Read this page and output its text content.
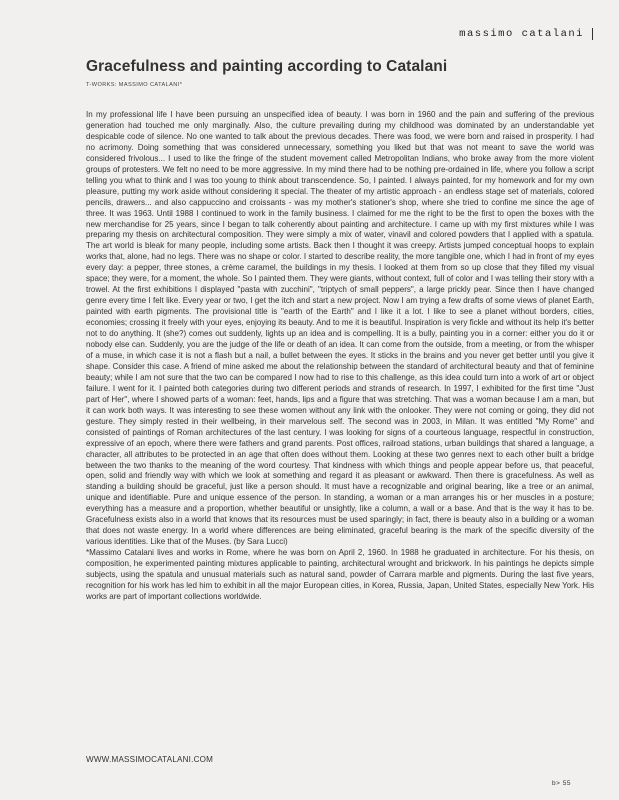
massimo catalani
Gracefulness and painting according to Catalani
T-WORKS: MASSIMO CATALANI*
In my professional life I have been pursuing an unspecified idea of beauty. I was born in 1960 and the pain and suffering of the previous generation had touched me only marginally. Also, the culture prevailing during my childhood was dominated by an understandable yet despicable code of silence. No one wanted to talk about the previous decades. There was food, we were born and raised in prosperity. I had no acrimony. Doing something that was considered unnecessary, something you liked but that was not meant to save the world was considered frivolous... I used to like the fringe of the student movement called Metropolitan Indians, who broke away from the more violent groups of protesters. We felt no need to be more aggressive. In my mind there had to be nothing pre-ordained in life, where you follow a script telling you what to think and I was too young to think about transcendence. So, I painted. I always painted, for my homework and for my own pleasure, putting my work aside without considering it special. The theater of my artistic approach - an endless stage set of materials, colored pencils, drawers... and also cappuccino and croissants - was my mother's stationer's shop, where she tried to confine me since the age of three. It was 1963. Until 1988 I continued to work in the family business. I claimed for me the right to be the first to open the boxes with the new merchandise for 25 years, since I began to talk coherently about painting and architecture. I came up with my first mixtures while I was preparing my thesis on architectural composition. They were simply a mix of water, vinavil and colored powders that I applied with a spatula. The art world is bleak for many people, including some artists. Back then I thought it was creepy. Artists jumped conceptual hoops to explain works that, alone, had no legs. There was no shape or color. I started to describe reality, the more tangible one, which I had in front of my eyes every day: a pepper, three stones, a crème caramel, the buildings in my thesis. I looked at them from so up close that they filled my visual space; they were, for a moment, the whole. So I painted them. They were giants, without context, full of color and I was telling their story with a trowel. At the first exhibitions I displayed "pasta with zucchini", "triptych of small peppers", a large prickly pear. Since then I have changed genre every time I felt like. Every year or two, I get the itch and start a new project. Now I am trying a few drafts of some views of planet Earth, painted with earth pigments. The provisional title is "earth of the Earth" and I like it a lot. I like to see a planet without borders, cities, economies; crossing it freely with your eyes, enjoying its beauty. And to me it is beautiful. Inspiration is very fickle and without its help it's better not to do anything. It (she?) comes out suddenly, lights up an idea and is compelling. It is a bully, painting you in a corner: either you do it or nobody else can. Suddenly, you are the judge of the life or death of an idea. It can come from the outside, from a meeting, or from the whisper of a muse, in which case it is not a flash but a nail, a bullet between the eyes. It sticks in the brains and you never get better until you give it shape. Consider this case. A friend of mine asked me about the relationship between the standard of architectural beauty and that of feminine beauty; while I am not sure that the two can be compared I now had to rise to this challenge, as this idea could turn into a work of art or object failure. I went for it. I painted both categories during two different periods and strands of research. In 1997, I exhibited for the first time "Just part of Her", where I showed parts of a woman: feet, hands, lips and a figure that was stretching. That was a woman because I am a man, but it can work both ways. It was interesting to see these women without any link with the onlooker. They were not coming or going, they did not gesture. They simply rested in their wellbeing, in their marvelous self. The second was in 2003, in Milan. It was entitled "My Rome" and consisted of paintings of Roman architectures of the last century. I was looking for signs of a courteous language, respectful in construction, expressive of an epoch, where there were fathers and grand parents. Post offices, railroad stations, urban buildings that shared a language, a character, all attributes to be protected in an age that often does without them. Looking at these two genres next to each other built a bridge between the two thanks to the meaning of the word courtesy. That kindness with which things and people appear before us, that peaceful, open, solid and friendly way with which we look at something and regard it as pleasant or awkward. Then there is gracefulness. As well as standing a building should be graceful, just like a person should. It must have a recognizable and original bearing, like a tree or an animal, unique and identifiable. Pure and unique essence of the person. In standing, a woman or a man arranges his or her muscles in a posture; everything has a measure and a proportion, whether beautiful or unsightly, like a column, a wall or a base. And that is the way it has to be. Gracefulness exists also in a world that knows that its resources must be used sparingly; in fact, there is beauty also in a building or a woman that does not waste energy. In a world where differences are being eliminated, graceful bearing is the mark of the specific diversity of the various identities. Like that of the Muses. (by Sara Lucci)
*Massimo Catalani lives and works in Rome, where he was born on April 2, 1960. In 1988 he graduated in architecture. For his thesis, on composition, he experimented painting mixtures applicable to painting, architectural wrought and brickwork. In his paintings he depicts simple subjects, using the spatula and unusual materials such as natural sand, powder of Carrara marble and pigments. During the last five years, recognition for his work has led him to exhibit in all the major European cities, in Korea, Russia, Japan, United States, especially New York. His works are part of important collections worldwide.
WWW.MASSIMOCATALANI.COM
b> 55
